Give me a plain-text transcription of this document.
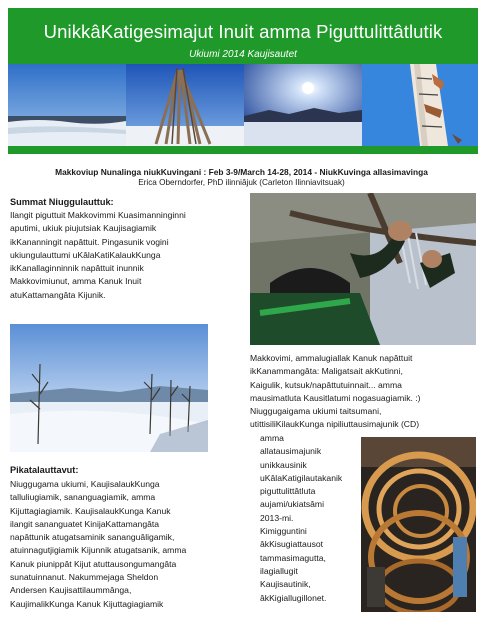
UnikkâKatigesimajut Inuit amma Piguttulittâtlutik
Ukiumi 2014 Kaujisautet
Makkoviup Nunalinga niukKuvingani : Feb 3-9/March 14-28, 2014 - NiukKuvinga allasimavinga
Erica Oberndorfer, PhD ilinniâjuk (Carleton Ilinniavitsuak)
Summat Niuggulauttuk:
Ilangit piguttuit Makkovimmi Kuasimanninginni
aputimi, ukiuk piujutsiak Kaujisagiamik
ikKananningit napâttuit. Pingasunik vogini
ukiungulauttumi uKâlaKatiKalaukKunga
ikKanallaginninnik napâttuit inunnik
Makkovimiunut, amma Kanuk Inuit
atuKattamangâta Kijunik.
Makkovimi, ammalugiallak Kanuk napâttuit
ikKanammangâta: Maligatsait akKutinni,
Kaigulik, kutsuk/napâttutuinnait... amma
mausimatluta Kausitlatumi nogasuagiamik. :)
Niuggugaigama ukiumi taitsumani,
utittisiliKilaukKunga nipiliuttausimajunik (CD)
Pikatalauttavut:
Niuggugama ukiumi, KaujisalaukKunga
talluliugiamik, sananguagiamik, amma
Kijuttagiagiamik. KaujisalaukKunga Kanuk
ilangit sananguatet KinijaKattamangâta
napâttunik atugatsaminik sananguâligamik,
atuinnagutjigiamik Kijunnik atugatsanik, amma
Kanuk piunippât Kijut atuttausongumangâta
sunatuinnanut. Nakummejaga Sheldon
Andersen Kaujisattilaummânga,
KaujimalikKunga Kanuk Kijuttagiagiamik
amma
allatausimajunik
unikkausinik
uKâlaKatigilautakanik
piguttulittâtluta
aujami/ukiatsâmi
2013-mi.
Kimigguntini
âkKisugiattausot
tammasimagutta,
ilagiallugit
Kaujisautinik,
âkKigiallugillonet.
